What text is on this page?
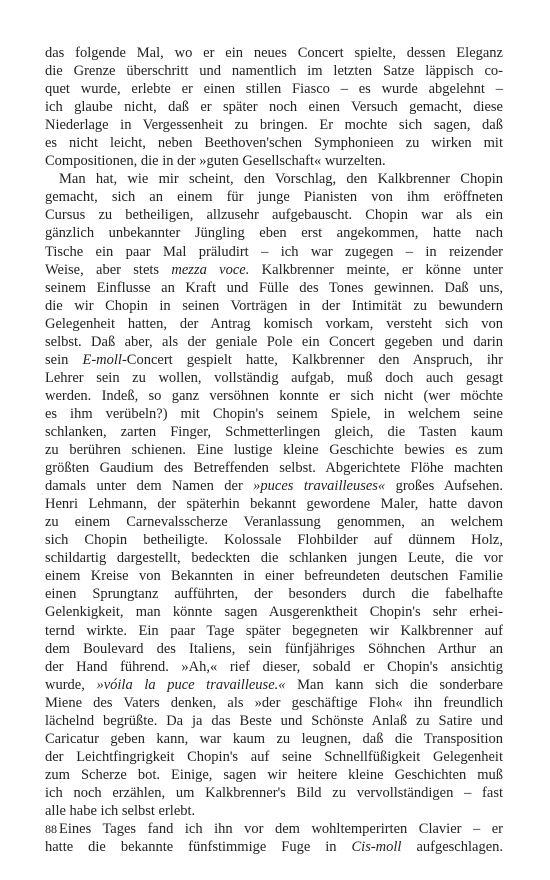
das folgende Mal, wo er ein neues Concert spielte, dessen Eleganz
die Grenze überschritt und namentlich im letzten Satze läppisch co-
quet wurde, erlebte er einen stillen Fiasco – es wurde abgelehnt –
ich glaube nicht, daß er später noch einen Versuch gemacht, diese
Niederlage in Vergessenheit zu bringen. Er mochte sich sagen, daß
es nicht leicht, neben Beethoven'schen Symphonieen zu wirken mit
Compositionen, die in der »guten Gesellschaft« wurzelten.
Man hat, wie mir scheint, den Vorschlag, den Kalkbrenner Chopin
gemacht, sich an einem für junge Pianisten von ihm eröffneten
Cursus zu betheiligen, allzusehr aufgebauscht. Chopin war als ein
gänzlich unbekannter Jüngling eben erst angekommen, hatte nach
Tische ein paar Mal präludirt – ich war zugegen – in reizender
Weise, aber stets mezza voce. Kalkbrenner meinte, er könne unter
seinem Einflusse an Kraft und Fülle des Tones gewinnen. Daß uns,
die wir Chopin in seinen Vorträgen in der Intimität zu bewundern
Gelegenheit hatten, der Antrag komisch vorkam, versteht sich von
selbst. Daß aber, als der geniale Pole ein Concert gegeben und darin
sein E-moll-Concert gespielt hatte, Kalkbrenner den Anspruch, ihr
Lehrer sein zu wollen, vollständig aufgab, muß doch auch gesagt
werden. Indeß, so ganz versöhnen konnte er sich nicht (wer möchte
es ihm verübeln?) mit Chopin's seinem Spiele, in welchem seine
schlanken, zarten Finger, Schmetterlingen gleich, die Tasten kaum
zu berühren schienen. Eine lustige kleine Geschichte bewies es zum
größten Gaudium des Betreffenden selbst. Abgerichtete Flöhe machten
damals unter dem Namen der »puces travailleuses« großes Aufsehen.
Henri Lehmann, der späterhin bekannt gewordene Maler, hatte davon
zu einem Carnevalsscherze Veranlassung genommen, an welchem
sich Chopin betheiligte. Kolossale Flohbilder auf dünnem Holz,
schildartig dargestellt, bedeckten die schlanken jungen Leute, die vor
einem Kreise von Bekannten in einer befreundeten deutschen Familie
einen Sprungtanz aufführten, der besonders durch die fabelhafte
Gelenkigkeit, man könnte sagen Ausgerenktheit Chopin's sehr erhei-
ternd wirkte. Ein paar Tage später begegneten wir Kalkbrenner auf
dem Boulevard des Italiens, sein fünfjähriges Söhnchen Arthur an
der Hand führend. »Ah,« rief dieser, sobald er Chopin's ansichtig
wurde, »vóila la puce travailleuse.« Man kann sich die sonderbare
Miene des Vaters denken, als »der geschäftige Floh« ihn freundlich
lächelnd begrüßte. Da ja das Beste und Schönste Anlaß zu Satire und
Caricatur geben kann, war kaum zu leugnen, daß die Transposition
der Leichtfingrigkeit Chopin's auf seine Schnellfüßigkeit Gelegenheit
zum Scherze bot. Einige, sagen wir heitere kleine Geschichten muß
ich noch erzählen, um Kalkbrenner's Bild zu vervollständigen – fast
alle habe ich selbst erlebt.
Eines Tages fand ich ihn vor dem wohltemperirten Clavier – er
hatte die bekannte fünfstimmige Fuge in Cis-moll aufgeschlagen.
88
